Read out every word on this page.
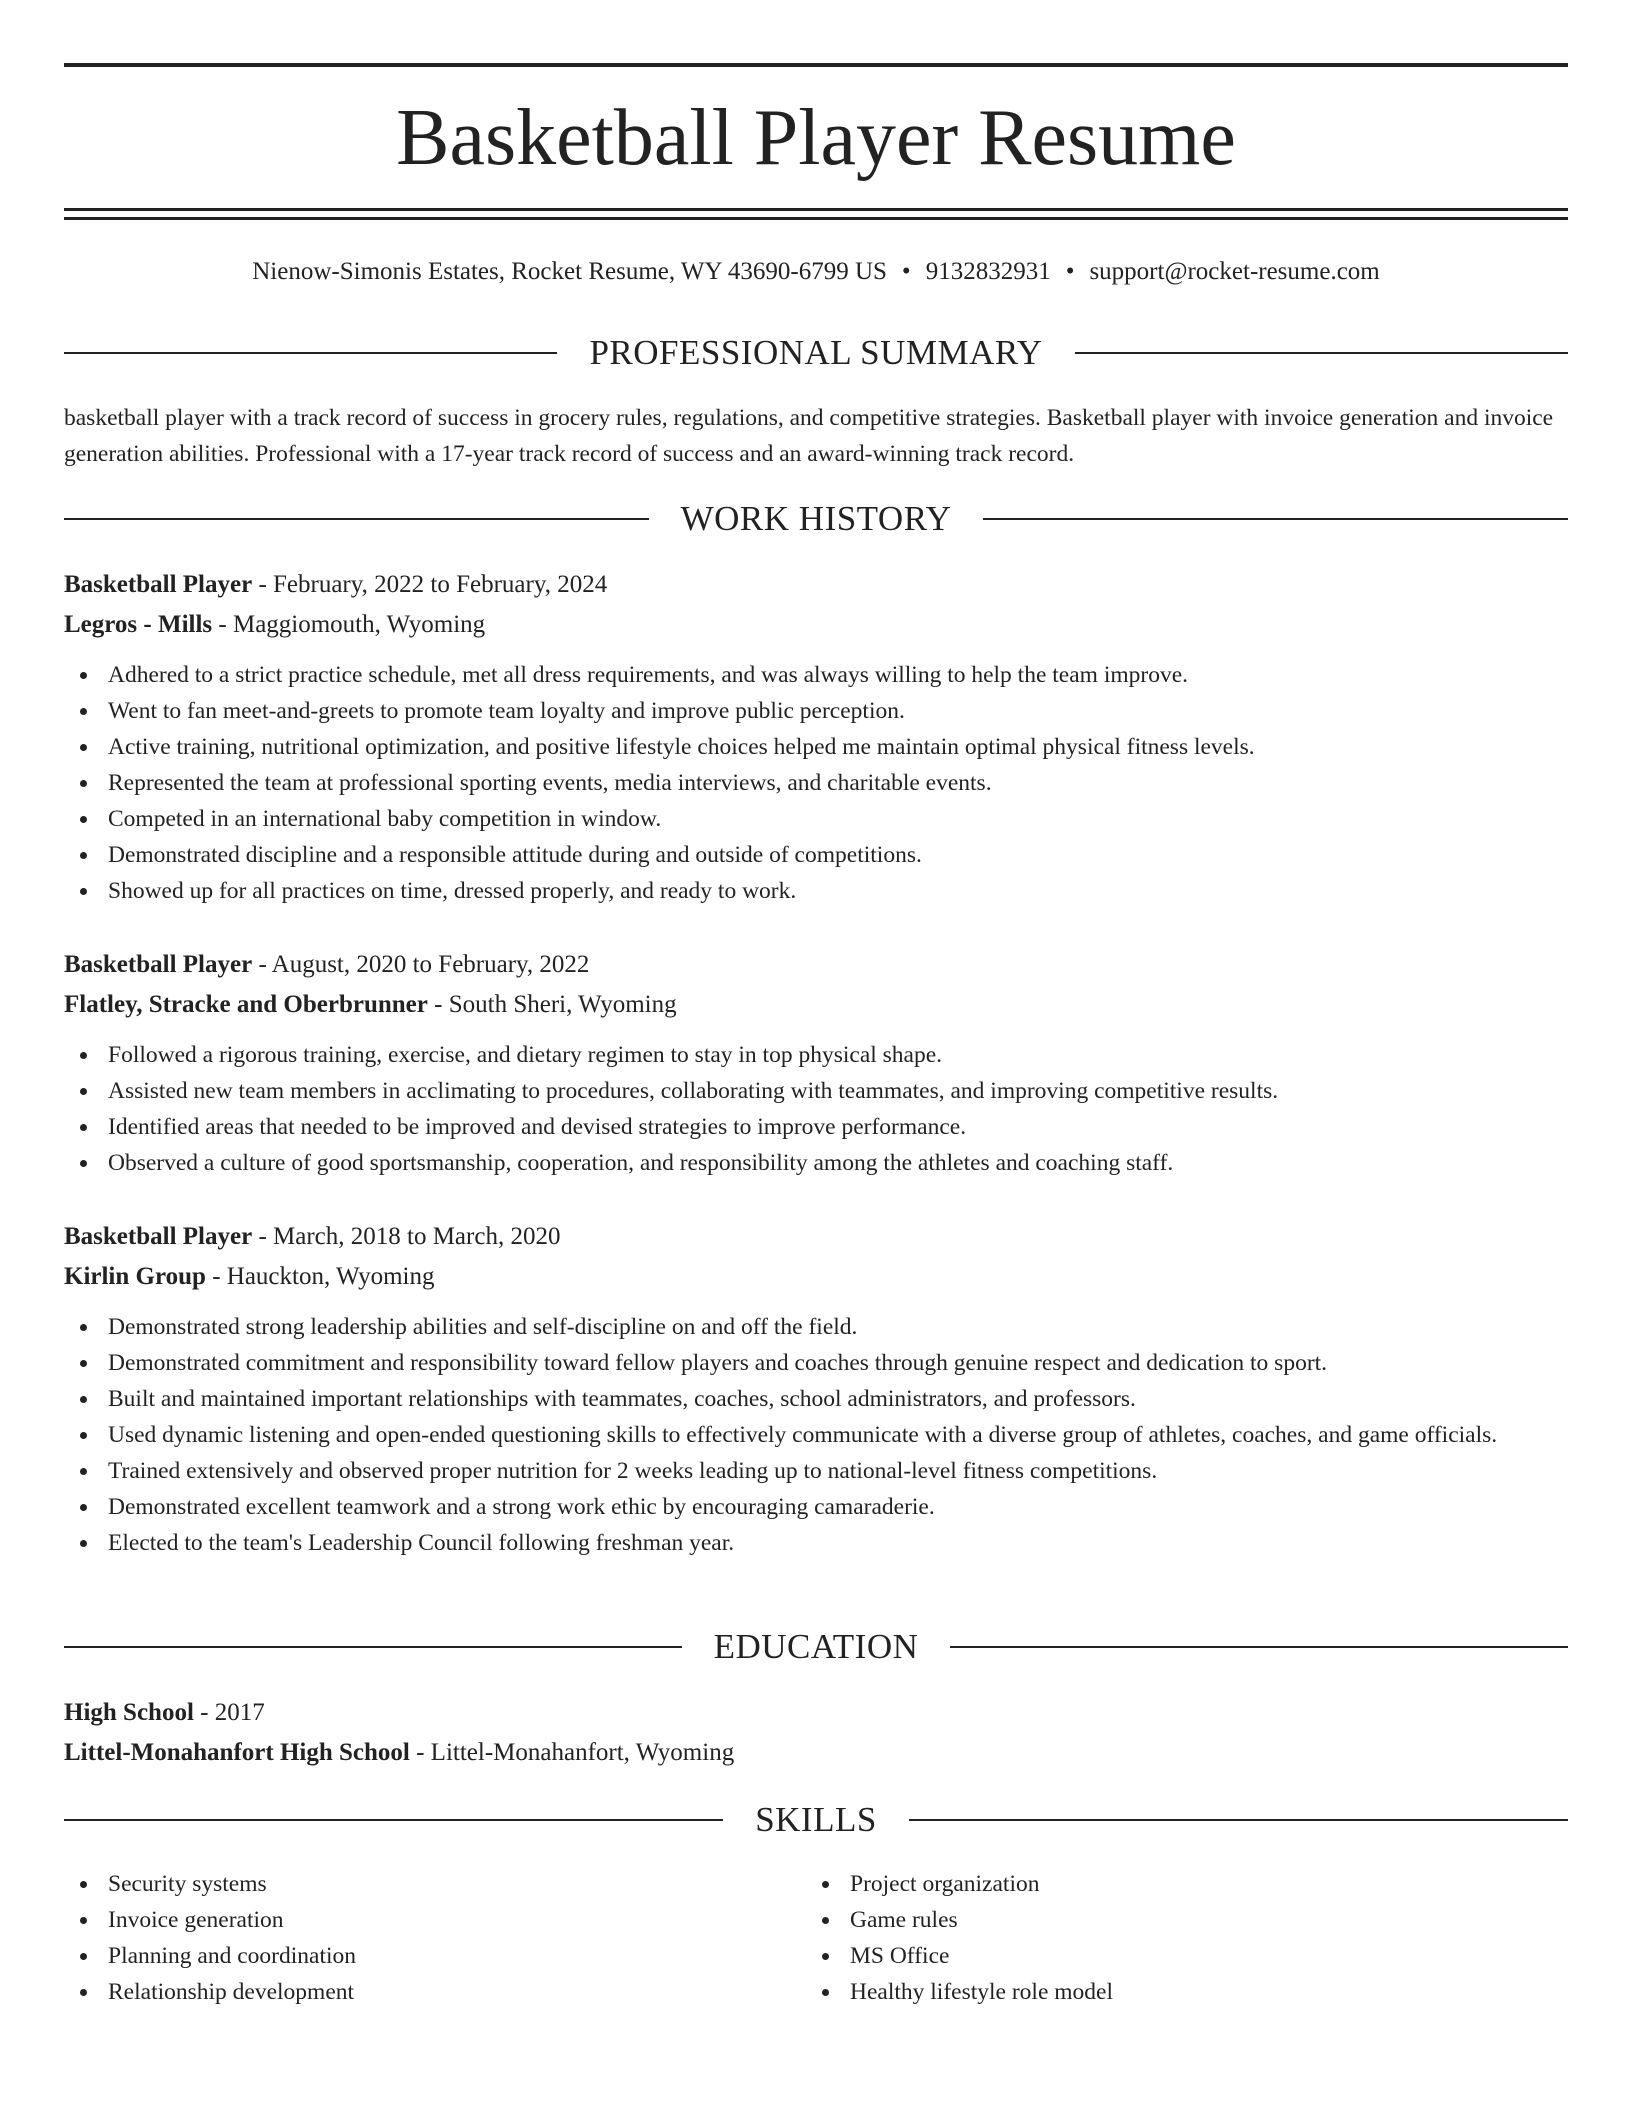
Basketball Player Resume
Nienow-Simonis Estates, Rocket Resume, WY 43690-6799 US • 9132832931 • support@rocket-resume.com
PROFESSIONAL SUMMARY

basketball player with a track record of success in grocery rules, regulations, and competitive strategies. Basketball player with invoice generation and invoice generation abilities. Professional with a 17-year track record of success and an award-winning track record.

WORK HISTORY
Basketball Player - February, 2022 to February, 2024
Legros - Mills - Maggiomouth, Wyoming
Adhered to a strict practice schedule, met all dress requirements, and was always willing to help the team improve.
Went to fan meet-and-greets to promote team loyalty and improve public perception.
Active training, nutritional optimization, and positive lifestyle choices helped me maintain optimal physical fitness levels.
Represented the team at professional sporting events, media interviews, and charitable events.
Competed in an international baby competition in window.
Demonstrated discipline and a responsible attitude during and outside of competitions.
Showed up for all practices on time, dressed properly, and ready to work.
Basketball Player - August, 2020 to February, 2022
Flatley, Stracke and Oberbrunner - South Sheri, Wyoming
Followed a rigorous training, exercise, and dietary regimen to stay in top physical shape.
Assisted new team members in acclimating to procedures, collaborating with teammates, and improving competitive results.
Identified areas that needed to be improved and devised strategies to improve performance.
Observed a culture of good sportsmanship, cooperation, and responsibility among the athletes and coaching staff.
Basketball Player - March, 2018 to March, 2020
Kirlin Group - Hauckton, Wyoming
Demonstrated strong leadership abilities and self-discipline on and off the field.
Demonstrated commitment and responsibility toward fellow players and coaches through genuine respect and dedication to sport.
Built and maintained important relationships with teammates, coaches, school administrators, and professors.
Used dynamic listening and open-ended questioning skills to effectively communicate with a diverse group of athletes, coaches, and game officials.
Trained extensively and observed proper nutrition for 2 weeks leading up to national-level fitness competitions.
Demonstrated excellent teamwork and a strong work ethic by encouraging camaraderie.
Elected to the team's Leadership Council following freshman year.
EDUCATION
High School - 2017
Littel-Monahanfort High School - Littel-Monahanfort, Wyoming
SKILLS
Security systems
Invoice generation
Planning and coordination
Relationship development
Project organization
Game rules
MS Office
Healthy lifestyle role model
